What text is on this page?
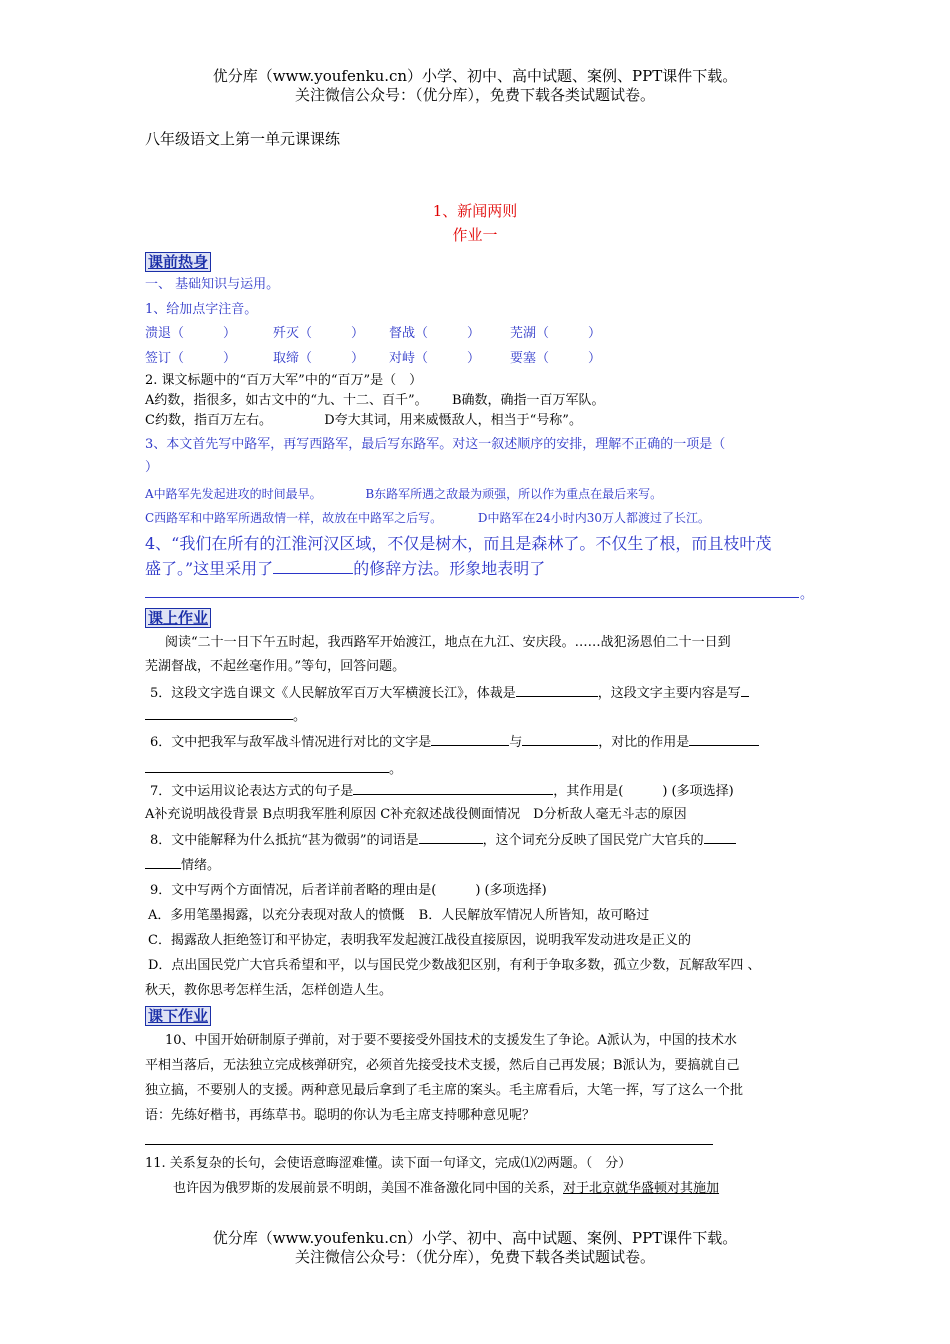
优分库（www.youfenku.cn）小学、初中、高中试题、案例、PPT课件下载。
关注微信公众号：（优分库），免费下载各类试题试卷。
八年级语文上第一单元课课练
1、新闻两则
作业一
课前热身
一、 基础知识与运用。
1、给加点字注音。
溃退（　　　）	歼灭（　　　） 督战（　　　） 芜湖（　　　）
签订（　　　）	取缔（　　　） 对峙（　　　） 要塞（　　　）
2. 课文标题中的“百万大军”中的“百万”是（　）
A约数，指很多，如古文中的“九、十二、百千”。 B确数，确指一百万军队。
C约数，指百万左右。	D夸大其词，用来威慑敌人，相当于“号称”。
3、本文首先写中路军，再写西路军，最后写东路军。对这一叙述顺序的安排，理解不正确的一项是（
）
A中路军先发起进攻的时间最早。	B东路军所遇之敌最为顽强，所以作为重点在最后来写。
C西路军和中路军所遇敌情一样，故放在中路军之后写。	D中路军在24小时内30万人都渡过了长江。
4、“我们在所有的江淮河汉区域，不仅是树木，而且是森林了。不仅生了根，而且枝叶茂
盛了。”这里采用了	的修辞方法。形象地表明了
。
课上作业
阅读“二十一日下午五时起，我西路军开始渡江，地点在九江、安庆段。……战犯汤恩伯二十一日到
芜湖督战，不起丝毫作用。”等句，回答问题。
5．这段文字选自课文《人民解放军百万大军横渡长江》，体裁是	，这段文字主要内容是写
。
6．文中把我军与敌军战斗情况进行对比的文字是	与	，对比的作用是
。
7．文中运用议论表达方式的句子是	，其作用是(　　　) (多项选择)
A补充说明战役背景 B点明我军胜利原因 C补充叙述战役侧面情况　D分析敌人毫无斗志的原因
8．文中能解释为什么抵抗“甚为微弱”的词语是	，这个词充分反映了国民党广大官兵的
情绪。
9．文中写两个方面情况，后者详前者略的理由是(　　　) (多项选择)
A．多用笔墨揭露，以充分表现对敌人的愤慨 B．人民解放军情况人所皆知，故可略过
C．揭露敌人拒绝签订和平协定，表明我军发起渡江战役直接原因，说明我军发动进攻是正义的
D．点出国民党广大官兵希望和平，以与国民党少数战犯区别，有利于争取多数，孤立少数，瓦解敌军四 、
秋天，教你思考怎样生活，怎样创造人生。
课下作业
10、中国开始研制原子弹前，对于要不要接受外国技术的支援发生了争论。A派认为，中国的技术水
平相当落后，无法独立完成核弹研究，必须首先接受技术支援，然后自己再发展；B派认为，要搞就自己
独立搞，不要别人的支援。两种意见最后拿到了毛主席的案头。毛主席看后，大笔一挥，写了这么一个批
语：先练好楷书，再练草书。聪明的你认为毛主席支持哪种意见呢？
11. 关系复杂的长句，会使语意晦涩难懂。读下面一句译文，完成⑴⑵两题。（　分）
也许因为俄罗斯的发展前景不明朗，美国不准备激化同中国的关系，对于北京就华盛顿对其施加
优分库（www.youfenku.cn）小学、初中、高中试题、案例、PPT课件下载。
关注微信公众号：（优分库），免费下载各类试题试卷。
